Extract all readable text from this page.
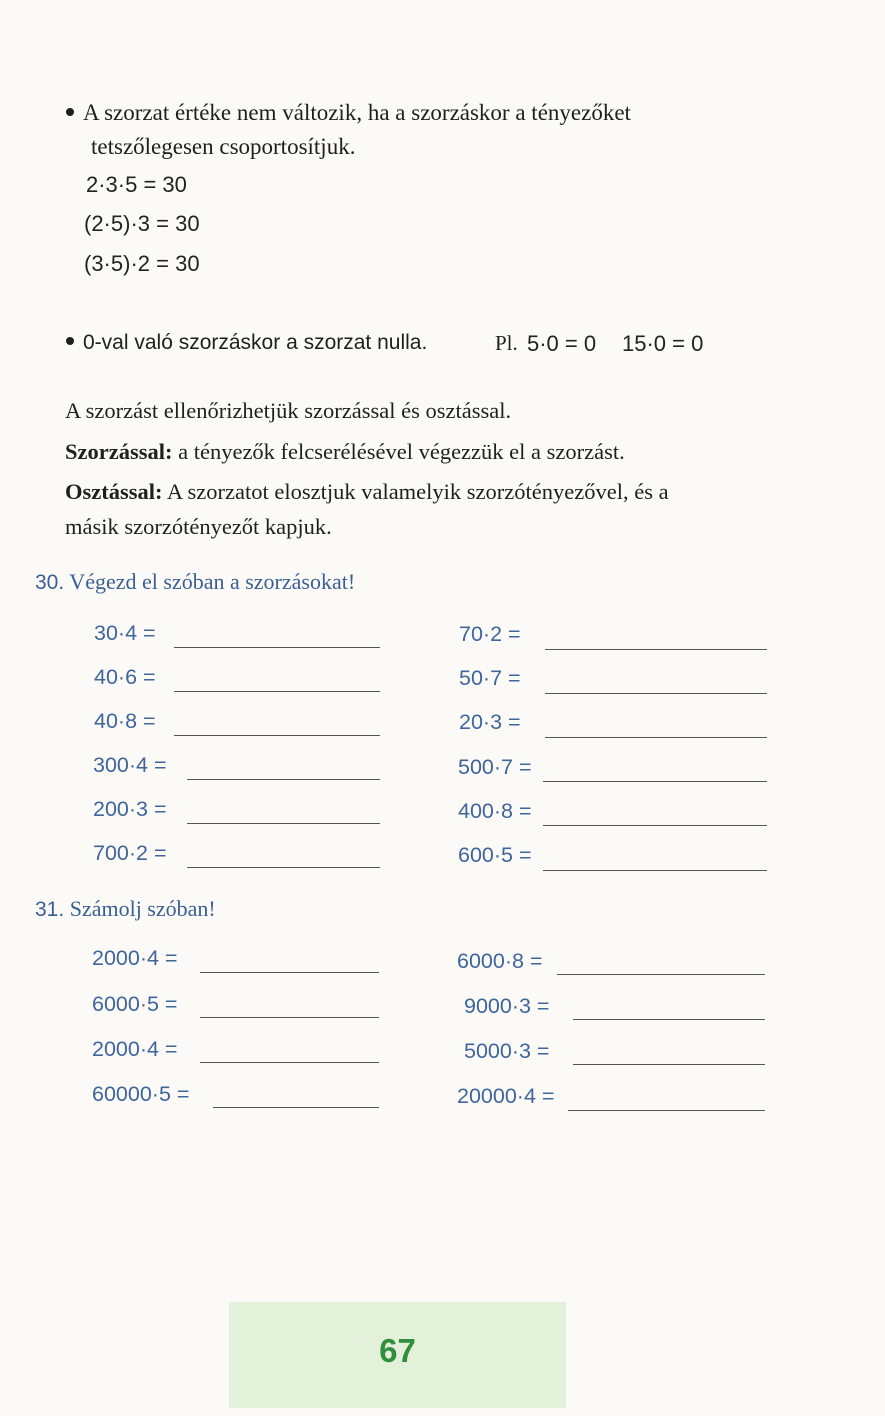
A szorzat értéke nem változik, ha a szorzáskor a tényezőket
tetszőlegesen csoportosítjuk.
2·3·5 = 30
(2·5)·3 = 30
(3·5)·2 = 30
0-val való szorzáskor a szorzat nulla.	Pl. 5·0 = 0 15·0 = 0
A szorzást ellenőrizhetjük szorzással és osztással.
Szorzással: a tényezők felcserélésével végezzük el a szorzást.
Osztással: A szorzatot elosztjuk valamelyik szorzótényezővel, és a
másik szorzótényezőt kapjuk.
30. Végezd el szóban a szorzásokat!
30·4 =
40·6 =
40·8 =
300·4 =
200·3 =
700·2 =
70·2 =
50·7 =
20·3 =
500·7 =
400·8 =
600·5 =
31. Számolj szóban!
2000·4 =
6000·5 =
2000·4 =
60000·5 =
6000·8 =
9000·3 =
5000·3 =
20000·4 =
67
